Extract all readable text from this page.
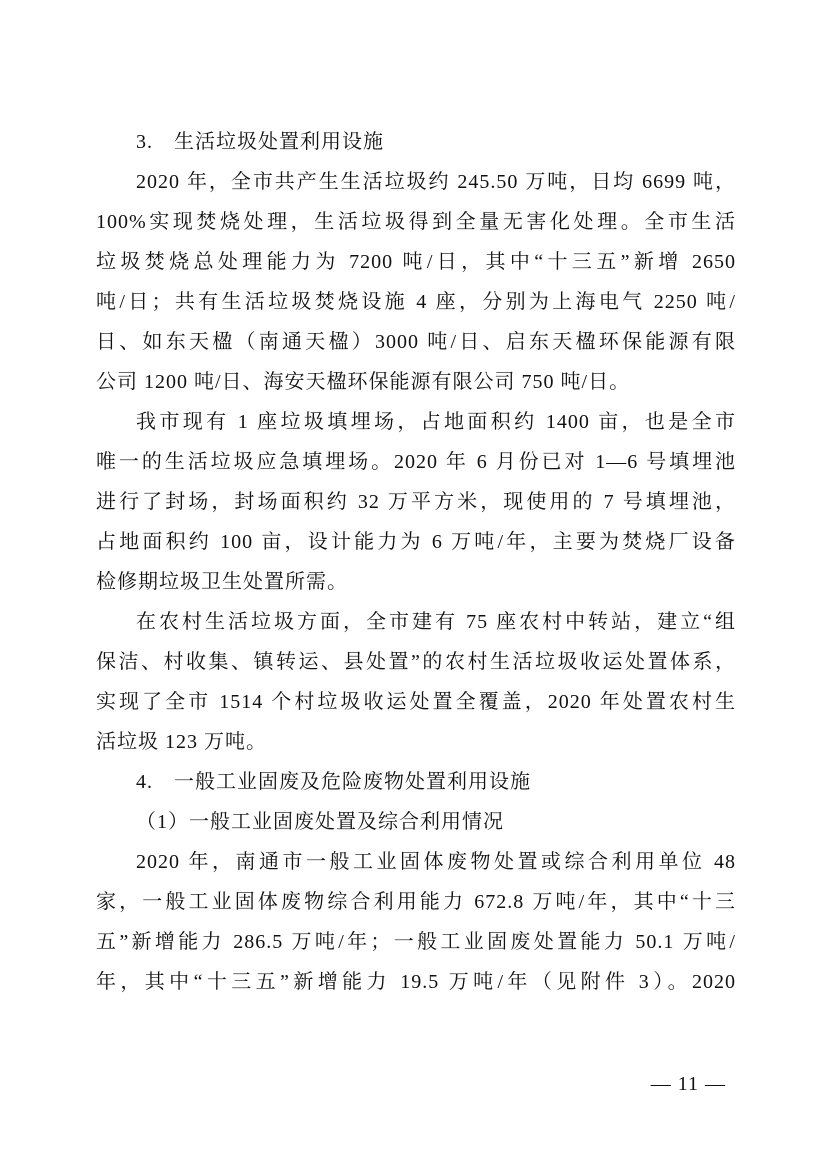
3.　生活垃圾处置利用设施
2020 年，全市共产生生活垃圾约 245.50 万吨，日均 6699 吨，
100%实现焚烧处理，生活垃圾得到全量无害化处理。全市生活
垃圾焚烧总处理能力为 7200 吨/日，其中“十三五”新增 2650
吨/日；共有生活垃圾焚烧设施 4 座，分别为上海电气 2250 吨/
日、如东天楹（南通天楹）3000 吨/日、启东天楹环保能源有限
公司 1200 吨/日、海安天楹环保能源有限公司 750 吨/日。
我市现有 1 座垃圾填埋场，占地面积约 1400 亩，也是全市
唯一的生活垃圾应急填埋场。2020 年 6 月份已对 1—6 号填埋池
进行了封场，封场面积约 32 万平方米，现使用的 7 号填埋池，
占地面积约 100 亩，设计能力为 6 万吨/年，主要为焚烧厂设备
检修期垃圾卫生处置所需。
在农村生活垃圾方面，全市建有 75 座农村中转站，建立“组
保洁、村收集、镇转运、县处置”的农村生活垃圾收运处置体系，
实现了全市 1514 个村垃圾收运处置全覆盖，2020 年处置农村生
活垃圾 123 万吨。
4.　一般工业固废及危险废物处置利用设施
（1）一般工业固废处置及综合利用情况
2020 年，南通市一般工业固体废物处置或综合利用单位 48
家，一般工业固体废物综合利用能力 672.8 万吨/年，其中“十三
五”新增能力 286.5 万吨/年；一般工业固废处置能力 50.1 万吨/
年，其中“十三五”新增能力 19.5 万吨/年（见附件 3）。2020
— 11 —
